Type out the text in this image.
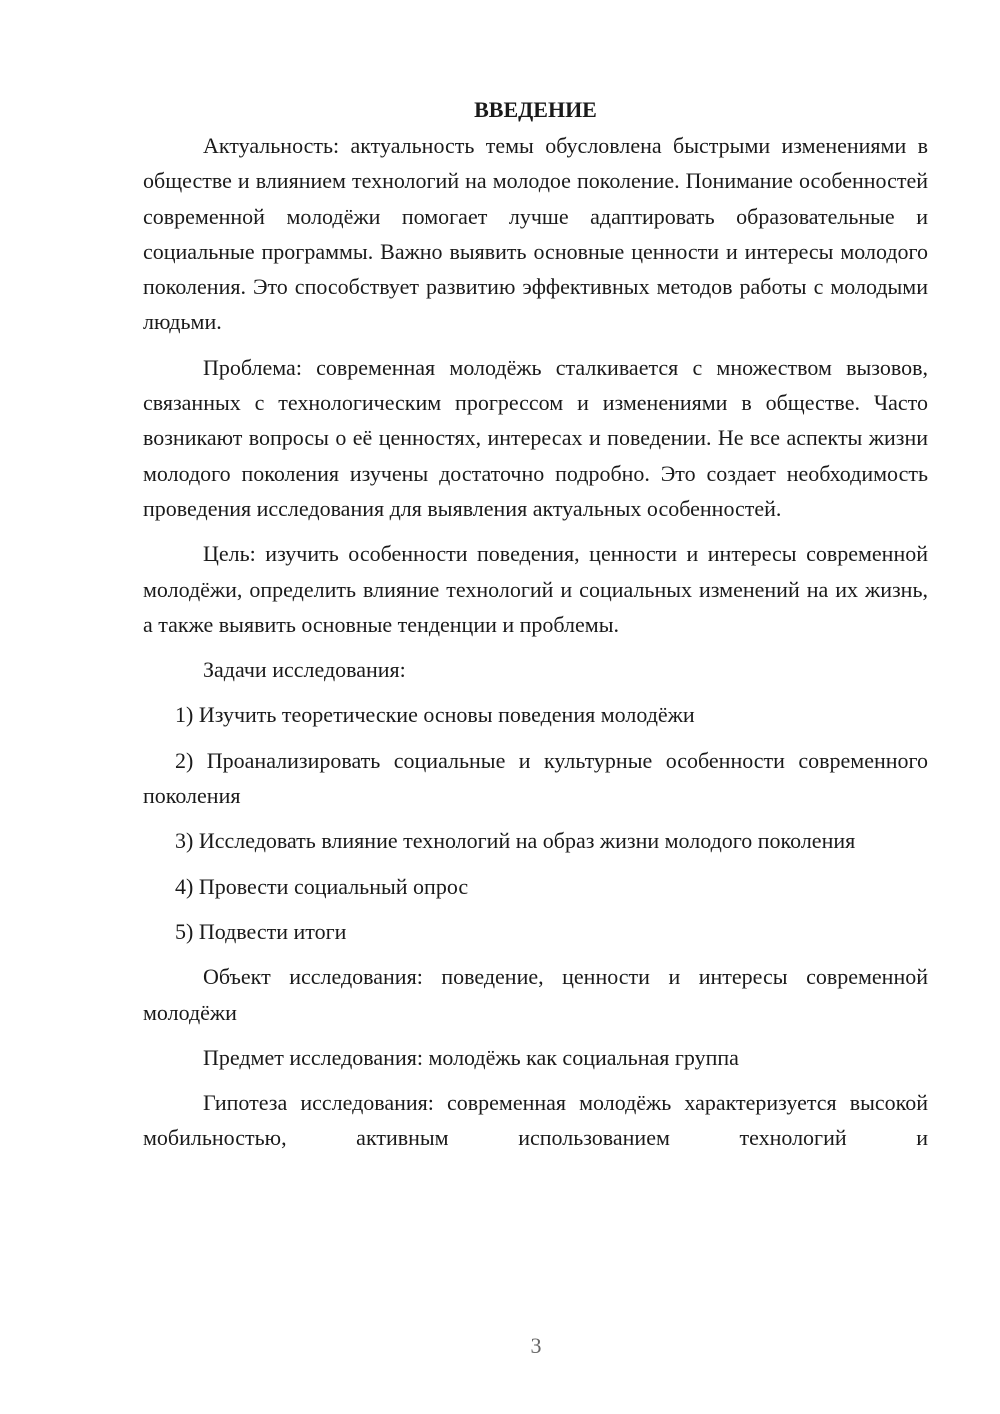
ВВЕДЕНИЕ

Актуальность: актуальность темы обусловлена быстрыми изменениями в обществе и влиянием технологий на молодое поколение. Понимание особенностей современной молодёжи помогает лучше адаптировать образовательные и социальные программы. Важно выявить основные ценности и интересы молодого поколения. Это способствует развитию эффективных методов работы с молодыми людьми.

Проблема: современная молодёжь сталкивается с множеством вызовов, связанных с технологическим прогрессом и изменениями в обществе. Часто возникают вопросы о её ценностях, интересах и поведении. Не все аспекты жизни молодого поколения изучены достаточно подробно. Это создает необходимость проведения исследования для выявления актуальных особенностей.

Цель: изучить особенности поведения, ценности и интересы современной молодёжи, определить влияние технологий и социальных изменений на их жизнь, а также выявить основные тенденции и проблемы.

Задачи исследования:

1) Изучить теоретические основы поведения молодёжи

2) Проанализировать социальные и культурные особенности современного поколения

3) Исследовать влияние технологий на образ жизни молодого поколения

4) Провести социальный опрос

5) Подвести итоги

Объект исследования: поведение, ценности и интересы современной молодёжи

Предмет исследования: молодёжь как социальная группа

Гипотеза исследования: современная молодёжь характеризуется высокой мобильностью, активным использованием технологий и

3
